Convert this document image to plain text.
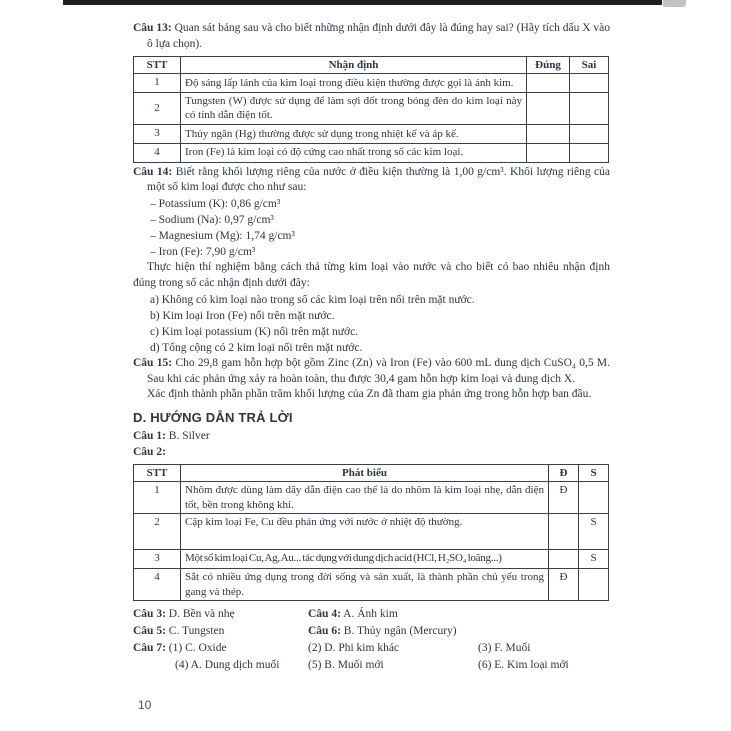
Câu 13: Quan sát bảng sau và cho biết những nhận định dưới đây là đúng hay sai? (Hãy tích dấu X vào ô lựa chọn).

STT	Nhận định	Đúng	Sai
1	Độ sáng lấp lánh của kim loại trong điều kiện thường được gọi là ánh kim.		
2	Tungsten (W) được sử dụng để làm sợi đốt trong bóng đèn do kim loại này có tính dẫn điện tốt.		
3	Thủy ngân (Hg) thường được sử dụng trong nhiệt kế và áp kế.		
4	Iron (Fe) là kim loại có độ cứng cao nhất trong số các kim loại.		

Câu 14: Biết rằng khối lượng riêng của nước ở điều kiện thường là 1,00 g/cm³. Khối lượng riêng của một số kim loại được cho như sau:

– Potassium (K): 0,86 g/cm³

– Sodium (Na): 0,97 g/cm³

– Magnesium (Mg): 1,74 g/cm³

– Iron (Fe): 7,90 g/cm³

Thực hiện thí nghiệm bằng cách thả từng kim loại vào nước và cho biết có bao nhiêu nhận định đúng trong số các nhận định dưới đây:

a) Không có kim loại nào trong số các kim loại trên nổi trên mặt nước.

b) Kim loại Iron (Fe) nổi trên mặt nước.

c) Kim loại potassium (K) nổi trên mặt nước.

d) Tổng cộng có 2 kim loại nổi trên mặt nước.

Câu 15: Cho 29,8 gam hỗn hợp bột gồm Zinc (Zn) và Iron (Fe) vào 600 mL dung dịch CuSO₄ 0,5 M. Sau khi các phản ứng xảy ra hoàn toàn, thu được 30,4 gam hỗn hợp kim loại và dung dịch X.

Xác định thành phần phần trăm khối lượng của Zn đã tham gia phản ứng trong hỗn hợp ban đầu.

D. HƯỚNG DẪN TRẢ LỜI

Câu 1: B. Silver

Câu 2:

STT	Phát biểu	Đ	S
1	Nhôm được dùng làm dây dẫn điện cao thế là do nhôm là kim loại nhẹ, dẫn điện tốt, bền trong không khí.	Đ	
2	Cặp kim loại Fe, Cu đều phản ứng với nước ở nhiệt độ thường.		S
3	Một số kim loại Cu, Ag, Au... tác dụng với dung dịch acid (HCl, H₂SO₄ loãng...)		S
4	Sắt có nhiều ứng dụng trong đời sống và sản xuất, là thành phần chủ yếu trong gang và thép.	Đ	

Câu 3: D. Bền và nhẹ	Câu 4: A. Ánh kim

Câu 5: C. Tungsten	Câu 6: B. Thủy ngân (Mercury)

Câu 7: (1) C. Oxide	(2) D. Phi kim khác	(3) F. Muối

(4) A. Dung dịch muối	(5) B. Muối mới	(6) E. Kim loại mới

10
